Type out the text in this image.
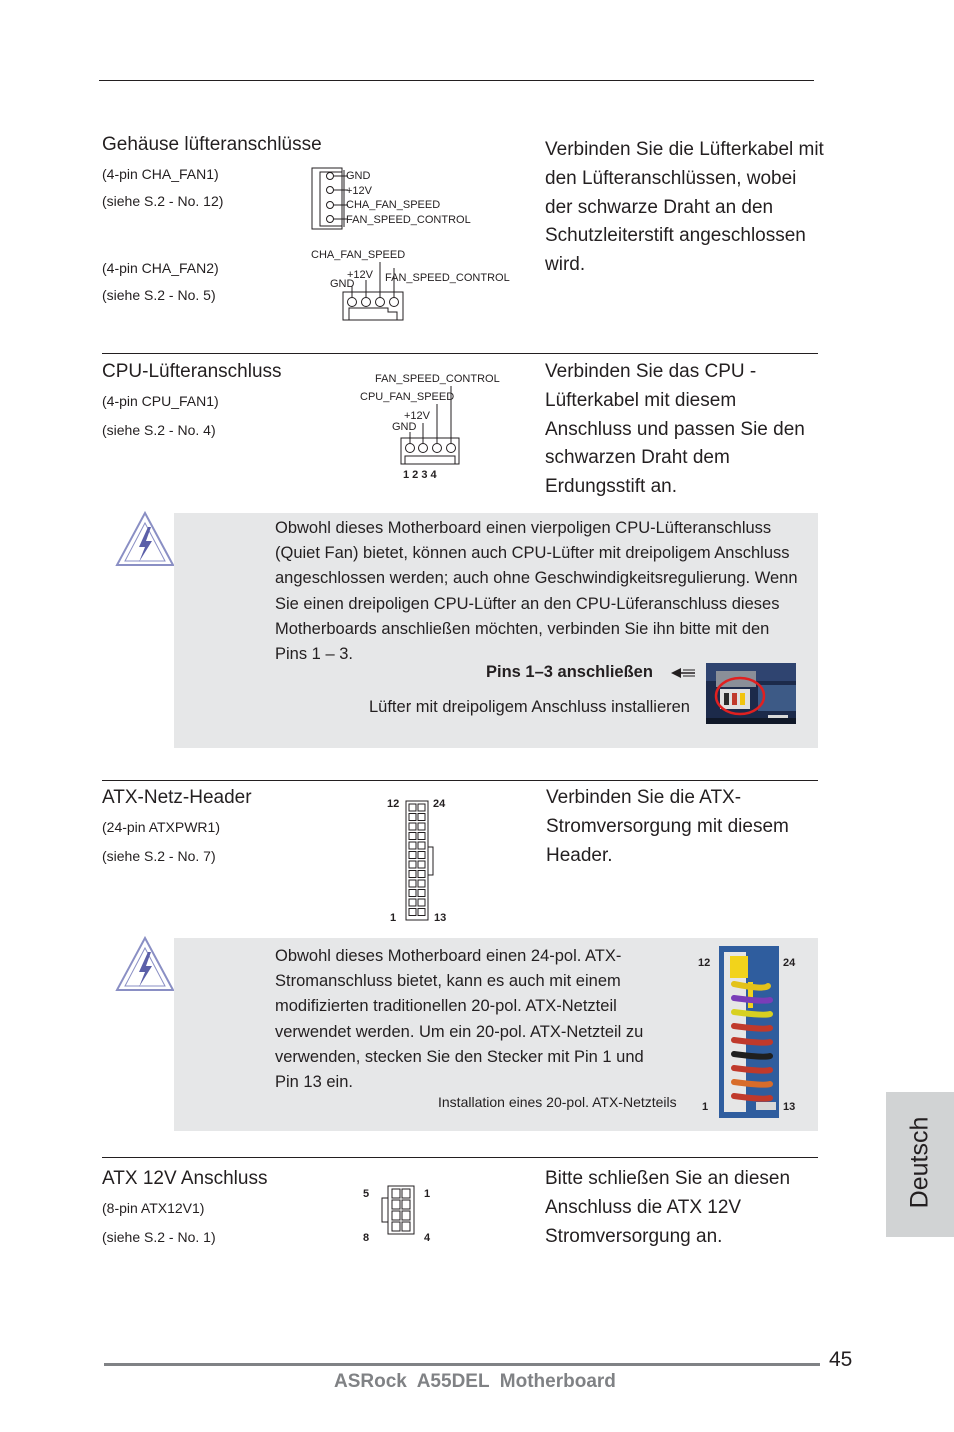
Gehäuse lüfteranschlüsse
(4-pin CHA_FAN1)
(siehe S.2 - No. 12)
(4-pin CHA_FAN2)
(siehe S.2 - No. 5)
GND
+12V
CHA_FAN_SPEED
FAN_SPEED_CONTROL
CHA_FAN_SPEED
+12V FAN_SPEED_CONTROL
GND
Verbinden Sie die Lüfterkabel mit
den Lüfteranschlüssen, wobei
der schwarze Draht an den
Schutzleiterstift angeschlossen
wird.
CPU-Lüfteranschluss
(4-pin CPU_FAN1)
(siehe S.2 - No. 4)
FAN_SPEED_CONTROL
CPU_FAN_SPEED
+12V
GND
1 2 3 4
Verbinden Sie das CPU -
Lüfterkabel mit diesem
Anschluss und passen Sie den
schwarzen Draht dem
Erdungsstift an.
Obwohl dieses Motherboard einen vierpoligen CPU-Lüfteranschluss
(Quiet Fan) bietet, können auch CPU-Lüfter mit dreipoligem Anschluss
angeschlossen werden; auch ohne Geschwindigkeitsregulierung. Wenn
Sie einen dreipoligen CPU-Lüfter an den CPU-Lüferanschluss dieses
Motherboards anschließen möchten, verbinden Sie ihn bitte mit den
Pins 1 – 3.
Pins 1–3 anschließen
Lüfter mit dreipoligem Anschluss installieren
ATX-Netz-Header
(24-pin ATXPWR1)
(siehe S.2 - No. 7)
12	24
1	13
Verbinden Sie die ATX-
Stromversorgung mit diesem
Header.
Obwohl dieses Motherboard einen 24-pol. ATX-
Stromanschluss bietet, kann es auch mit einem
modifizierten traditionellen 20-pol. ATX-Netzteil
verwendet werden. Um ein 20-pol. ATX-Netzteil zu
verwenden, stecken Sie den Stecker mit Pin 1 und
Pin 13 ein.
Installation eines 20-pol. ATX-Netzteils
12	24
1	13
ATX 12V Anschluss
(8-pin ATX12V1)
(siehe S.2 - No. 1)
5	1
8	4
Bitte schließen Sie an diesen
Anschluss die ATX 12V
Stromversorgung an.
Deutsch
45
ASRock  A55DEL  Motherboard
